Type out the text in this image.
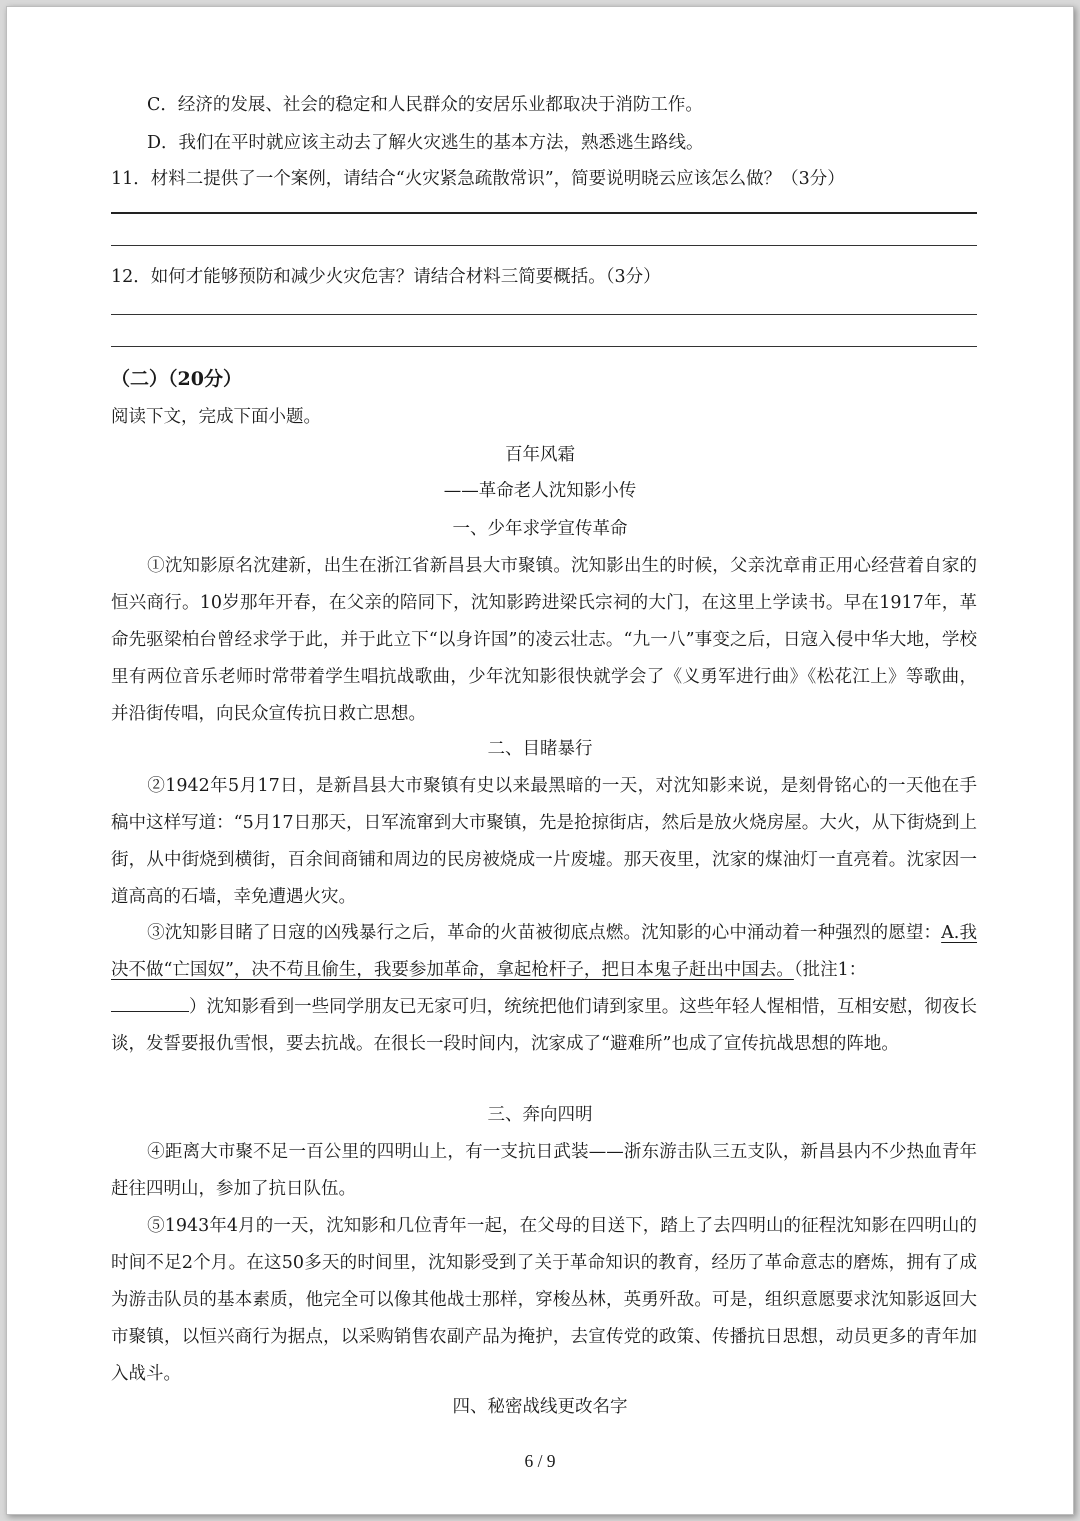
C．经济的发展、社会的稳定和人民群众的安居乐业都取决于消防工作。
D．我们在平时就应该主动去了解火灾逃生的基本方法，熟悉逃生路线。
11．材料二提供了一个案例，请结合“火灾紧急疏散常识”，简要说明晓云应该怎么做？（3分）
12．如何才能够预防和减少火灾危害？请结合材料三简要概括。（3分）
（二）（20分）
阅读下文，完成下面小题。
百年风霜
——革命老人沈知影小传
一、少年求学宣传革命
①沈知影原名沈建新，出生在浙江省新昌县大市聚镇。沈知影出生的时候，父亲沈章甫正用心经营着自家的恒兴商行。10岁那年开春，在父亲的陪同下，沈知影跨进梁氏宗祠的大门，在这里上学读书。早在1917年，革命先驱梁柏台曾经求学于此，并于此立下“以身许国”的凌云壮志。“九一八”事变之后，日寇入侵中华大地，学校里有两位音乐老师时常带着学生唱抗战歌曲，少年沈知影很快就学会了《义勇军进行曲》《松花江上》等歌曲，并沿街传唱，向民众宣传抗日救亡思想。
二、目睹暴行
②1942年5月17日，是新昌县大市聚镇有史以来最黑暗的一天，对沈知影来说，是刻骨铭心的一天他在手稿中这样写道：“5月17日那天，日军流窜到大市聚镇，先是抢掠街店，然后是放火烧房屋。大火，从下街烧到上街，从中街烧到横街，百余间商铺和周边的民房被烧成一片废墟。那天夜里，沈家的煤油灯一直亮着。沈家因一道高高的石墙，幸免遭遇火灾。
③沈知影目睹了日寇的凶残暴行之后，革命的火苗被彻底点燃。沈知影的心中涌动着一种强烈的愿望：A.我决不做“亡国奴”，决不苟且偷生，我要参加革命，拿起枪杆子，把日本鬼子赶出中国去。（批注1：
）沈知影看到一些同学朋友已无家可归，统统把他们请到家里。这些年轻人惺相惜，互相安慰，彻夜长谈，发誓要报仇雪恨，要去抗战。在很长一段时间内，沈家成了“避难所”也成了宣传抗战思想的阵地。
三、奔向四明
④距离大市聚不足一百公里的四明山上，有一支抗日武装——浙东游击队三五支队，新昌县内不少热血青年赶往四明山，参加了抗日队伍。
⑤1943年4月的一天，沈知影和几位青年一起，在父母的目送下，踏上了去四明山的征程沈知影在四明山的时间不足2个月。在这50多天的时间里，沈知影受到了关于革命知识的教育，经历了革命意志的磨炼，拥有了成为游击队员的基本素质，他完全可以像其他战士那样，穿梭丛林，英勇歼敌。可是，组织意愿要求沈知影返回大市聚镇，以恒兴商行为据点，以采购销售农副产品为掩护，去宣传党的政策、传播抗日思想，动员更多的青年加入战斗。
四、秘密战线更改名字
6 / 9
